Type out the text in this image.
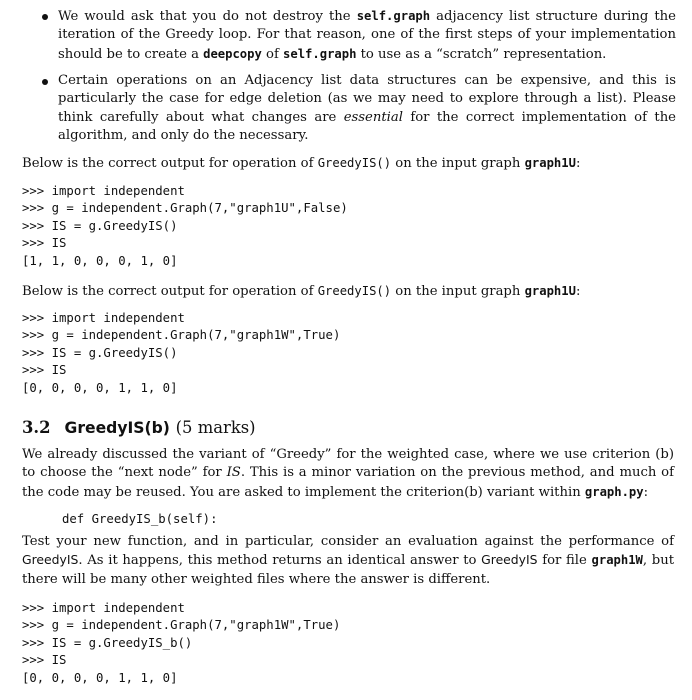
We would ask that you do not destroy the self.graph adjacency list structure during the iteration of the Greedy loop. For that reason, one of the first steps of your implementation should be to create a deepcopy of self.graph to use as a “scratch” representation.

Certain operations on an Adjacency list data structures can be expensive, and this is particularly the case for edge deletion (as we may need to explore through a list). Please think carefully about what changes are essential for the correct implementation of the algorithm, and only do the necessary.

Below is the correct output for operation of GreedyIS() on the input graph graph1U:

>>> import independent
>>> g = independent.Graph(7,"graph1U",False)
>>> IS = g.GreedyIS()
>>> IS
[1, 1, 0, 0, 0, 1, 0]

Below is the correct output for operation of GreedyIS() on the input graph graph1U:

>>> import independent
>>> g = independent.Graph(7,"graph1W",True)
>>> IS = g.GreedyIS()
>>> IS
[0, 0, 0, 0, 1, 1, 0]
3.2 GreedyIS(b) (5 marks)

We already discussed the variant of “Greedy” for the weighted case, where we use criterion (b) to choose the “next node” for IS. This is a minor variation on the previous method, and much of the code may be reused. You are asked to implement the criterion(b) variant within graph.py:

def GreedyIS_b(self):

Test your new function, and in particular, consider an evaluation against the performance of GreedyIS. As it happens, this method returns an identical answer to GreedyIS for file graph1W, but there will be many other weighted files where the answer is different.

>>> import independent
>>> g = independent.Graph(7,"graph1W",True)
>>> IS = g.GreedyIS_b()
>>> IS
[0, 0, 0, 0, 1, 1, 0]
